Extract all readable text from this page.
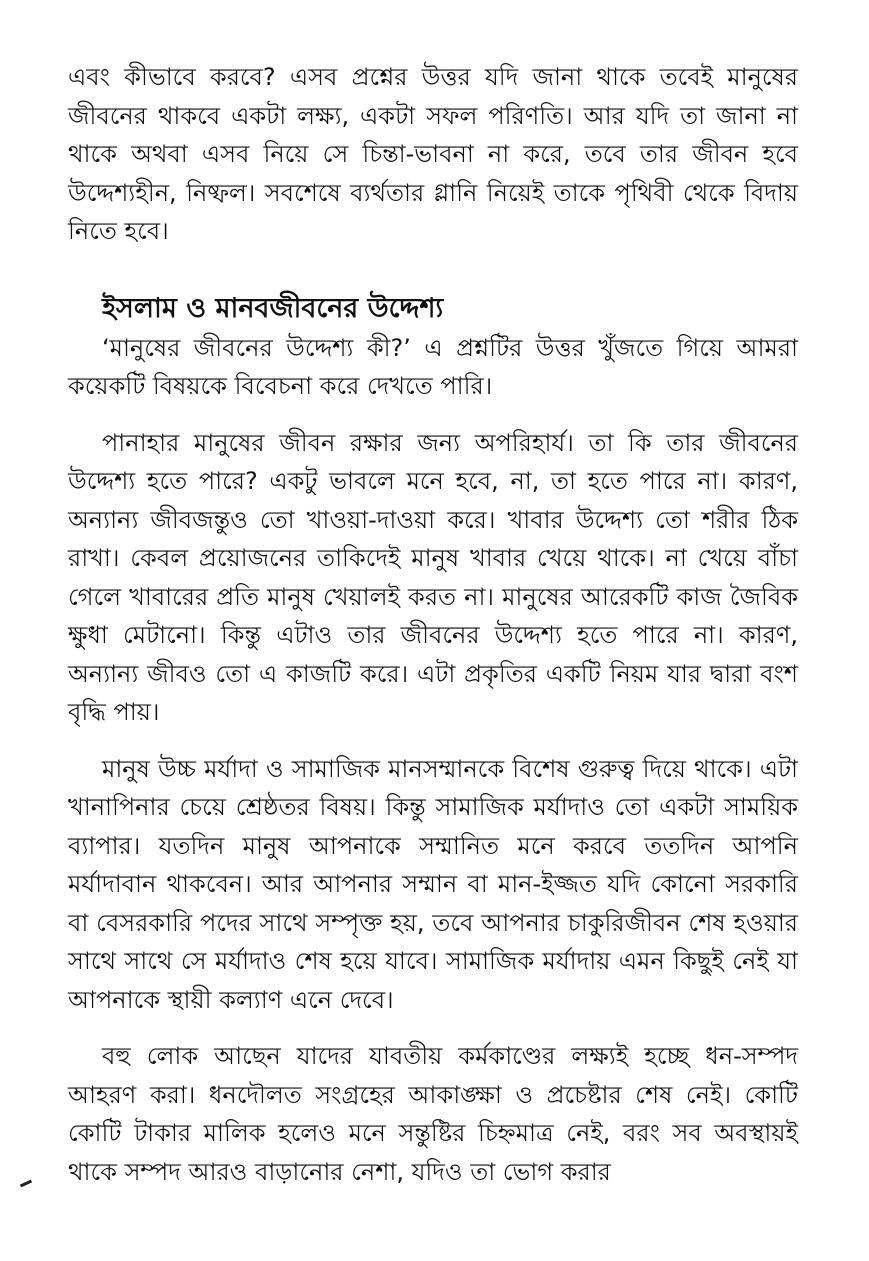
এবং কীভাবে করবে? এসব প্রশ্নের উত্তর যদি জানা থাকে তবেই মানুষের জীবনের থাকবে একটা লক্ষ্য, একটা সফল পরিণতি। আর যদি তা জানা না থাকে অথবা এসব নিয়ে সে চিন্তা-ভাবনা না করে, তবে তার জীবন হবে উদ্দেশ্যহীন, নিষ্ফল। সবশেষে ব্যর্থতার গ্লানি নিয়েই তাকে পৃথিবী থেকে বিদায় নিতে হবে।

ইসলাম ও মানবজীবনের উদ্দেশ্য

‘মানুষের জীবনের উদ্দেশ্য কী?’ এ প্রশ্নটির উত্তর খুঁজতে গিয়ে আমরা কয়েকটি বিষয়কে বিবেচনা করে দেখতে পারি।

পানাহার মানুষের জীবন রক্ষার জন্য অপরিহার্য। তা কি তার জীবনের উদ্দেশ্য হতে পারে? একটু ভাবলে মনে হবে, না, তা হতে পারে না। কারণ, অন্যান্য জীবজন্তুও তো খাওয়া-দাওয়া করে। খাবার উদ্দেশ্য তো শরীর ঠিক রাখা। কেবল প্রয়োজনের তাকিদেই মানুষ খাবার খেয়ে থাকে। না খেয়ে বাঁচা গেলে খাবারের প্রতি মানুষ খেয়ালই করত না। মানুষের আরেকটি কাজ জৈবিক ক্ষুধা মেটানো। কিন্তু এটাও তার জীবনের উদ্দেশ্য হতে পারে না। কারণ, অন্যান্য জীবও তো এ কাজটি করে। এটা প্রকৃতির একটি নিয়ম যার দ্বারা বংশ বৃদ্ধি পায়।

মানুষ উচ্চ মর্যাদা ও সামাজিক মানসম্মানকে বিশেষ গুরুত্ব দিয়ে থাকে। এটা খানাপিনার চেয়ে শ্রেষ্ঠতর বিষয়। কিন্তু সামাজিক মর্যাদাও তো একটা সাময়িক ব্যাপার। যতদিন মানুষ আপনাকে সম্মানিত মনে করবে ততদিন আপনি মর্যাদাবান থাকবেন। আর আপনার সম্মান বা মান-ইজ্জত যদি কোনো সরকারি বা বেসরকারি পদের সাথে সম্পৃক্ত হয়, তবে আপনার চাকুরিজীবন শেষ হওয়ার সাথে সাথে সে মর্যাদাও শেষ হয়ে যাবে। সামাজিক মর্যাদায় এমন কিছুই নেই যা আপনাকে স্থায়ী কল্যাণ এনে দেবে।

বহু লোক আছেন যাদের যাবতীয় কর্মকাণ্ডের লক্ষ্যই হচ্ছে ধন-সম্পদ আহরণ করা। ধনদৌলত সংগ্রহের আকাঙ্ক্ষা ও প্রচেষ্টার শেষ নেই। কোটি কোটি টাকার মালিক হলেও মনে সন্তুষ্টির চিহ্নমাত্র নেই, বরং সব অবস্থায়ই থাকে সম্পদ আরও বাড়ানোর নেশা, যদিও তা ভোগ করার
